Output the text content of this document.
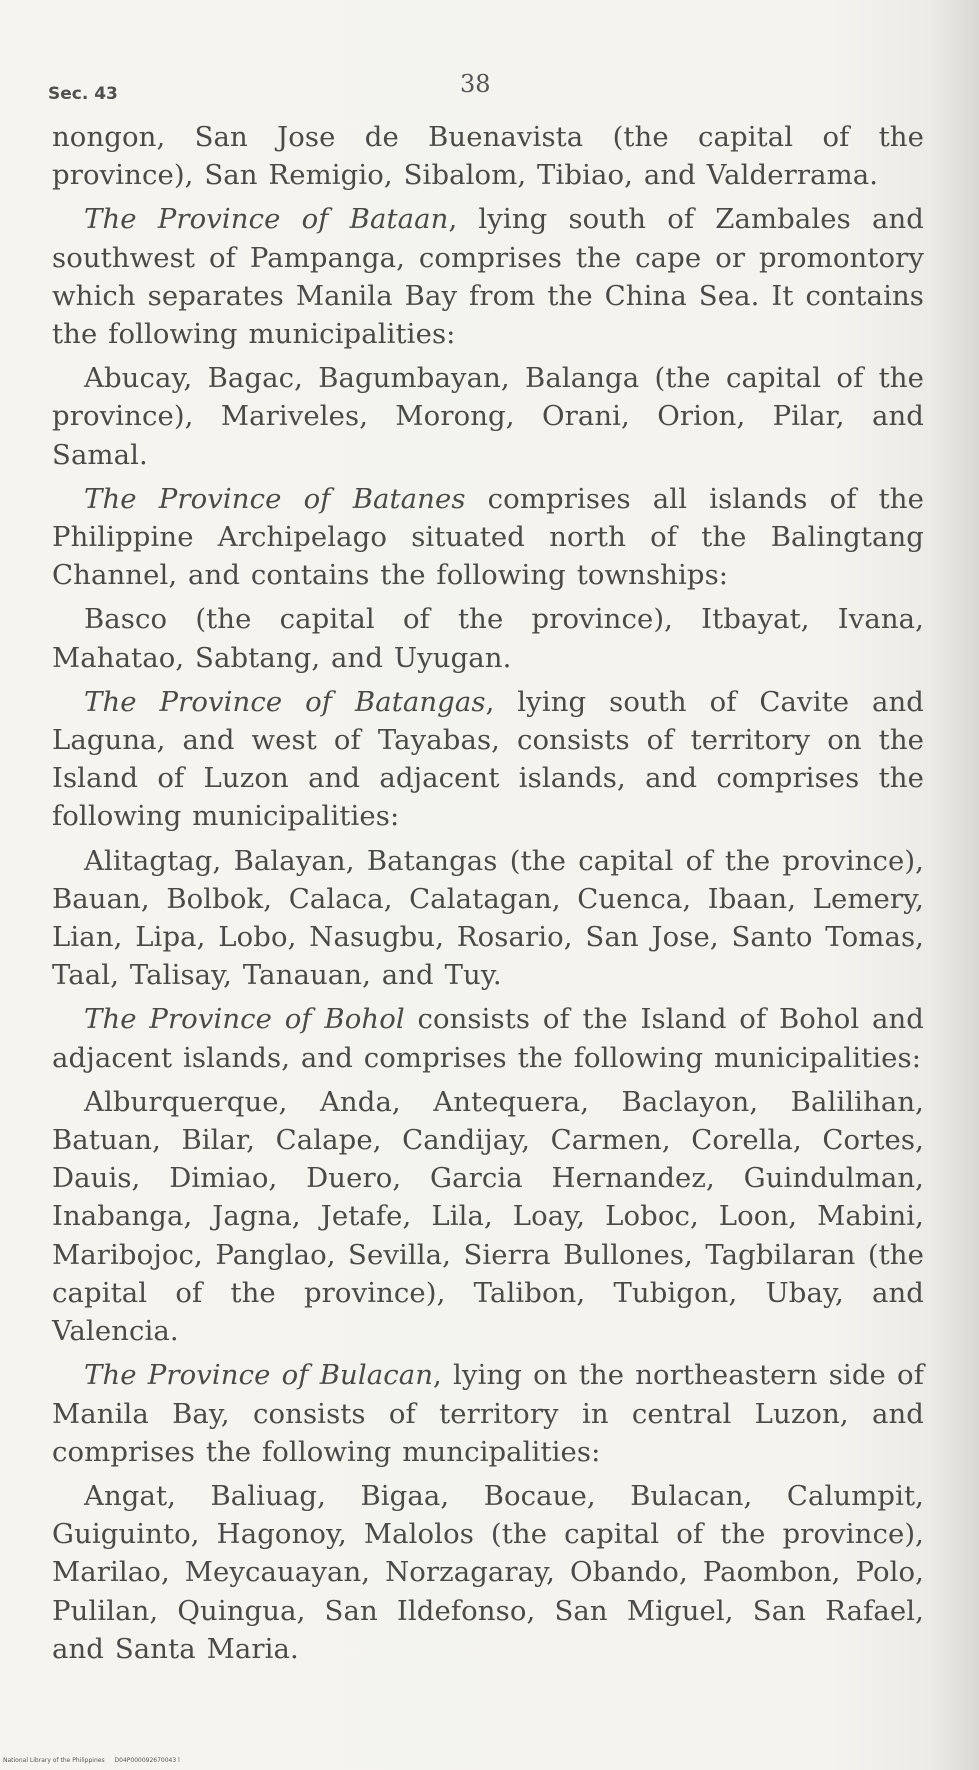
Sec. 43	38

nongon, San Jose de Buenavista (the capital of the province), San Remigio, Sibalom, Tibiao, and Valderrama.

The Province of Bataan, lying south of Zambales and southwest of Pampanga, comprises the cape or promontory which separates Manila Bay from the China Sea. It contains the following municipalities:

Abucay, Bagac, Bagumbayan, Balanga (the capital of the province), Mariveles, Morong, Orani, Orion, Pilar, and Samal.

The Province of Batanes comprises all islands of the Philippine Archipelago situated north of the Balingtang Channel, and contains the following townships:

Basco (the capital of the province), Itbayat, Ivana, Mahatao, Sabtang, and Uyugan.

The Province of Batangas, lying south of Cavite and Laguna, and west of Tayabas, consists of territory on the Island of Luzon and adjacent islands, and comprises the following municipalities:

Alitagtag, Balayan, Batangas (the capital of the province), Bauan, Bolbok, Calaca, Calatagan, Cuenca, Ibaan, Lemery, Lian, Lipa, Lobo, Nasugbu, Rosario, San Jose, Santo Tomas, Taal, Talisay, Tanauan, and Tuy.

The Province of Bohol consists of the Island of Bohol and adjacent islands, and comprises the following municipalities:

Alburquerque, Anda, Antequera, Baclayon, Balilihan, Batuan, Bilar, Calape, Candijay, Carmen, Corella, Cortes, Dauis, Dimiao, Duero, Garcia Hernandez, Guindulman, Inabanga, Jagna, Jetafe, Lila, Loay, Loboc, Loon, Mabini, Maribojoc, Panglao, Sevilla, Sierra Bullones, Tagbilaran (the capital of the province), Talibon, Tubigon, Ubay, and Valencia.

The Province of Bulacan, lying on the northeastern side of Manila Bay, consists of territory in central Luzon, and comprises the following muncipalities:

Angat, Baliuag, Bigaa, Bocaue, Bulacan, Calumpit, Guiguinto, Hagonoy, Malolos (the capital of the province), Marilao, Meycauayan, Norzagaray, Obando, Paombon, Polo, Pulilan, Quingua, San Ildefonso, San Miguel, San Rafael, and Santa Maria.

National Library of the Philippines D04P000092670043 l
